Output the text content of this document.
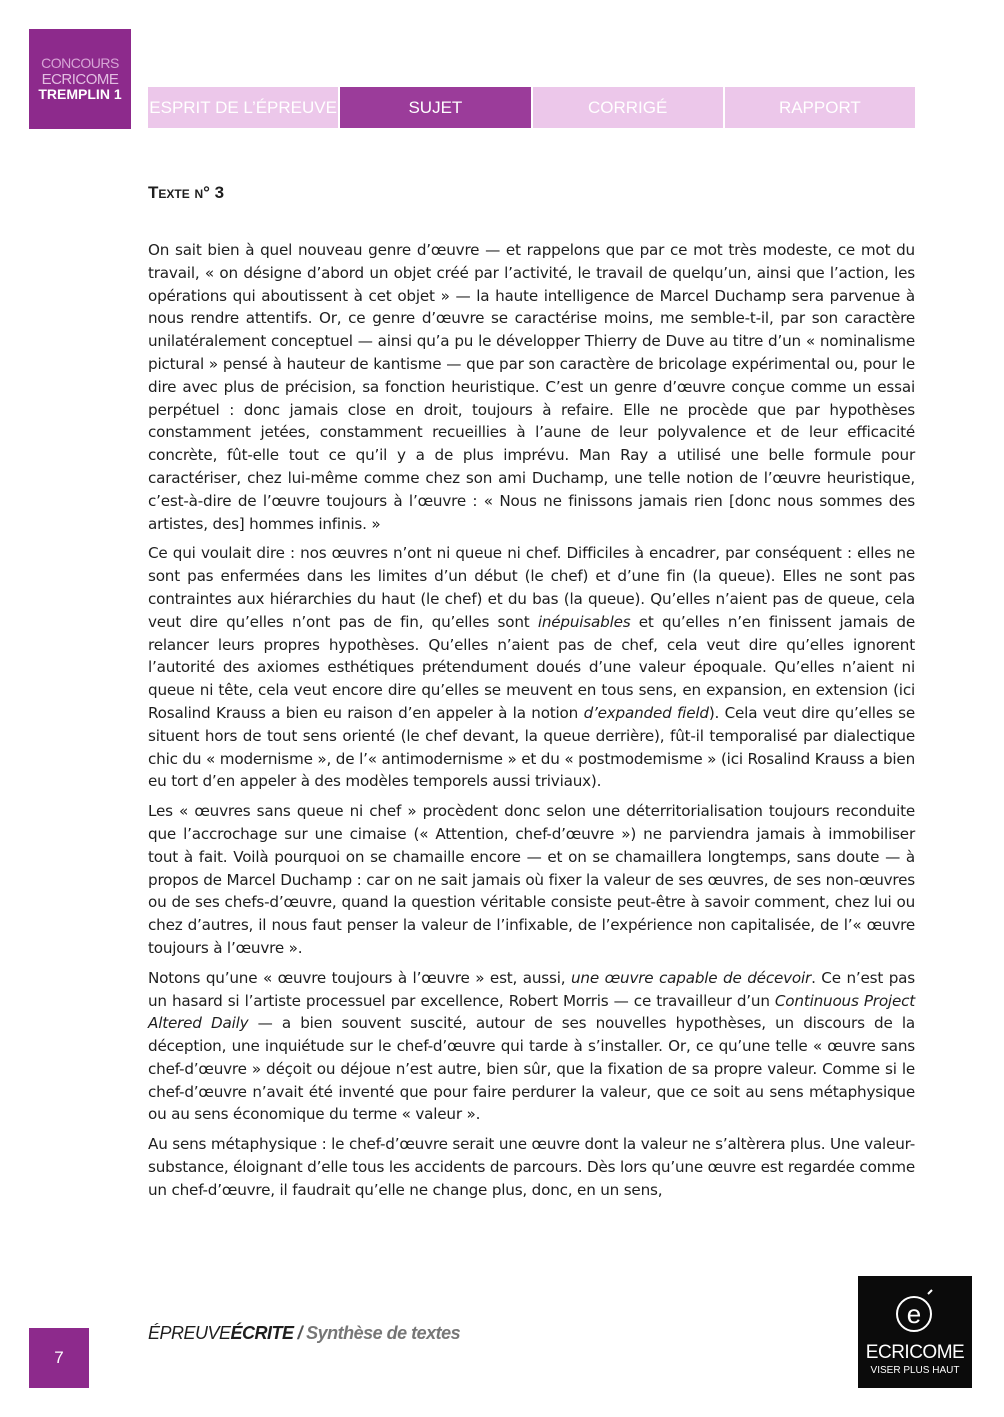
CONCOURS
ECRICOME
TREMPLIN 1
ESPRIT DE L’ÉPREUVE	SUJET	CORRIGÉ	RAPPORT
Texte n° 3

On sait bien à quel nouveau genre d’œuvre — et rappelons que par ce mot très modeste, ce mot du travail, « on désigne d’abord un objet créé par l’activité, le travail de quelqu’un, ainsi que l’action, les opérations qui aboutissent à cet objet » — la haute intelligence de Marcel Duchamp sera parvenue à nous rendre attentifs. Or, ce genre d’œuvre se caractérise moins, me semble-t-il, par son caractère unilatéralement conceptuel — ainsi qu’a pu le développer Thierry de Duve au titre d’un « nominalisme pictural » pensé à hauteur de kantisme — que par son caractère de bricolage expérimental ou, pour le dire avec plus de précision, sa fonction heuristique. C’est un genre d’œuvre conçue comme un essai perpétuel : donc jamais close en droit, toujours à refaire. Elle ne procède que par hypothèses constamment jetées, constamment recueillies à l’aune de leur polyvalence et de leur efficacité concrète, fût-elle tout ce qu’il y a de plus imprévu. Man Ray a utilisé une belle formule pour caractériser, chez lui-même comme chez son ami Duchamp, une telle notion de l’œuvre heuristique, c’est-à-dire de l’œuvre toujours à l’œuvre : « Nous ne finissons jamais rien [donc nous sommes des artistes, des] hommes infinis. »

Ce qui voulait dire : nos œuvres n’ont ni queue ni chef. Difficiles à encadrer, par conséquent : elles ne sont pas enfermées dans les limites d’un début (le chef) et d’une fin (la queue). Elles ne sont pas contraintes aux hiérarchies du haut (le chef) et du bas (la queue). Qu’elles n’aient pas de queue, cela veut dire qu’elles n’ont pas de fin, qu’elles sont inépuisables et qu’elles n’en finissent jamais de relancer leurs propres hypothèses. Qu’elles n’aient pas de chef, cela veut dire qu’elles ignorent l’autorité des axiomes esthétiques prétendument doués d’une valeur époquale. Qu’elles n’aient ni queue ni tête, cela veut encore dire qu’elles se meuvent en tous sens, en expansion, en extension (ici Rosalind Krauss a bien eu raison d’en appeler à la notion d’expanded field). Cela veut dire qu’elles se situent hors de tout sens orienté (le chef devant, la queue derrière), fût-il temporalisé par dialectique chic du « modernisme », de l’« antimodernisme » et du « postmodemisme » (ici Rosalind Krauss a bien eu tort d’en appeler à des modèles temporels aussi triviaux).

Les « œuvres sans queue ni chef » procèdent donc selon une déterritorialisation toujours reconduite que l’accrochage sur une cimaise (« Attention, chef-d’œuvre ») ne parviendra jamais à immobiliser tout à fait. Voilà pourquoi on se chamaille encore — et on se chamaillera longtemps, sans doute — à propos de Marcel Duchamp : car on ne sait jamais où fixer la valeur de ses œuvres, de ses non-œuvres ou de ses chefs-d’œuvre, quand la question véritable consiste peut-être à savoir comment, chez lui ou chez d’autres, il nous faut penser la valeur de l’infixable, de l’expérience non capitalisée, de l’« œuvre toujours à l’œuvre ».

Notons qu’une « œuvre toujours à l’œuvre » est, aussi, une œuvre capable de décevoir. Ce n’est pas un hasard si l’artiste processuel par excellence, Robert Morris — ce travailleur d’un Continuous Project Altered Daily — a bien souvent suscité, autour de ses nouvelles hypothèses, un discours de la déception, une inquiétude sur le chef-d’œuvre qui tarde à s’installer. Or, ce qu’une telle « œuvre sans chef-d’œuvre » déçoit ou déjoue n’est autre, bien sûr, que la fixation de sa propre valeur. Comme si le chef-d’œuvre n’avait été inventé que pour faire perdurer la valeur, que ce soit au sens métaphysique ou au sens économique du terme « valeur ».

Au sens métaphysique : le chef-d’œuvre serait une œuvre dont la valeur ne s’altèrera plus. Une valeur-substance, éloignant d’elle tous les accidents de parcours. Dès lors qu’une œuvre est regardée comme un chef-d’œuvre, il faudrait qu’elle ne change plus, donc, en un sens,

7
ÉPREUVEÉCRITE / Synthèse de textes
e
ECRICOME
VISER PLUS HAUT
